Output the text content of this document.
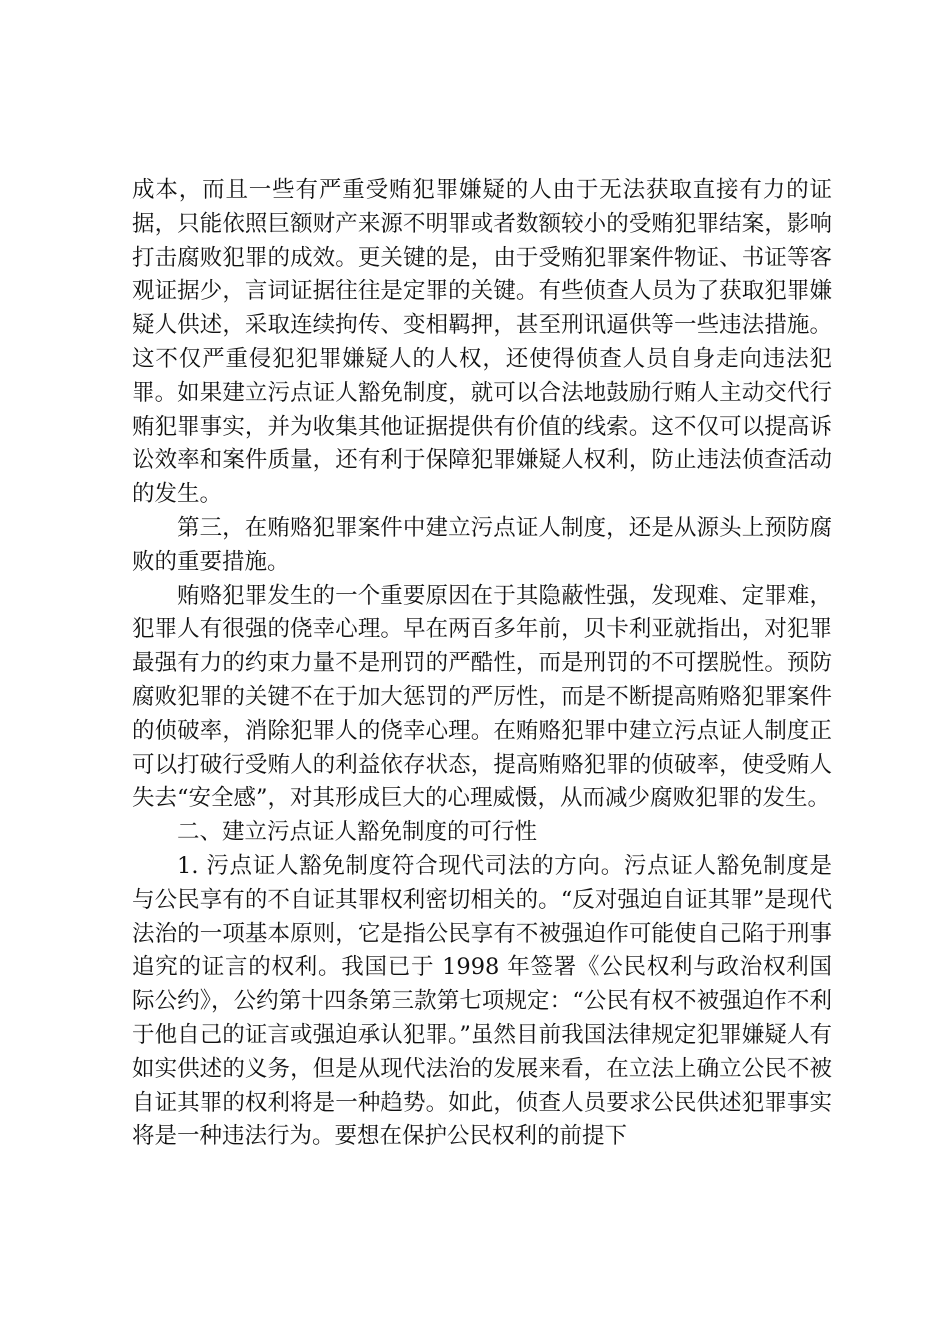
成本，而且一些有严重受贿犯罪嫌疑的人由于无法获取直接有力的证据，只能依照巨额财产来源不明罪或者数额较小的受贿犯罪结案，影响打击腐败犯罪的成效。更关键的是，由于受贿犯罪案件物证、书证等客观证据少，言词证据往往是定罪的关键。有些侦查人员为了获取犯罪嫌疑人供述，采取连续拘传、变相羁押，甚至刑讯逼供等一些违法措施。这不仅严重侵犯犯罪嫌疑人的人权，还使得侦查人员自身走向违法犯罪。如果建立污点证人豁免制度，就可以合法地鼓励行贿人主动交代行贿犯罪事实，并为收集其他证据提供有价值的线索。这不仅可以提高诉讼效率和案件质量，还有利于保障犯罪嫌疑人权利，防止违法侦查活动的发生。

第三，在贿赂犯罪案件中建立污点证人制度，还是从源头上预防腐败的重要措施。

贿赂犯罪发生的一个重要原因在于其隐蔽性强，发现难、定罪难，犯罪人有很强的侥幸心理。早在两百多年前，贝卡利亚就指出，对犯罪最强有力的约束力量不是刑罚的严酷性，而是刑罚的不可摆脱性。预防腐败犯罪的关键不在于加大惩罚的严厉性，而是不断提高贿赂犯罪案件的侦破率，消除犯罪人的侥幸心理。在贿赂犯罪中建立污点证人制度正可以打破行受贿人的利益依存状态，提高贿赂犯罪的侦破率，使受贿人失去“安全感”，对其形成巨大的心理威慑，从而减少腐败犯罪的发生。

二、建立污点证人豁免制度的可行性

1. 污点证人豁免制度符合现代司法的方向。污点证人豁免制度是与公民享有的不自证其罪权利密切相关的。“反对强迫自证其罪”是现代法治的一项基本原则，它是指公民享有不被强迫作可能使自己陷于刑事追究的证言的权利。我国已于 1998 年签署《公民权利与政治权利国际公约》，公约第十四条第三款第七项规定：“公民有权不被强迫作不利于他自己的证言或强迫承认犯罪。”虽然目前我国法律规定犯罪嫌疑人有如实供述的义务，但是从现代法治的发展来看，在立法上确立公民不被自证其罪的权利将是一种趋势。如此，侦查人员要求公民供述犯罪事实将是一种违法行为。要想在保护公民权利的前提下
